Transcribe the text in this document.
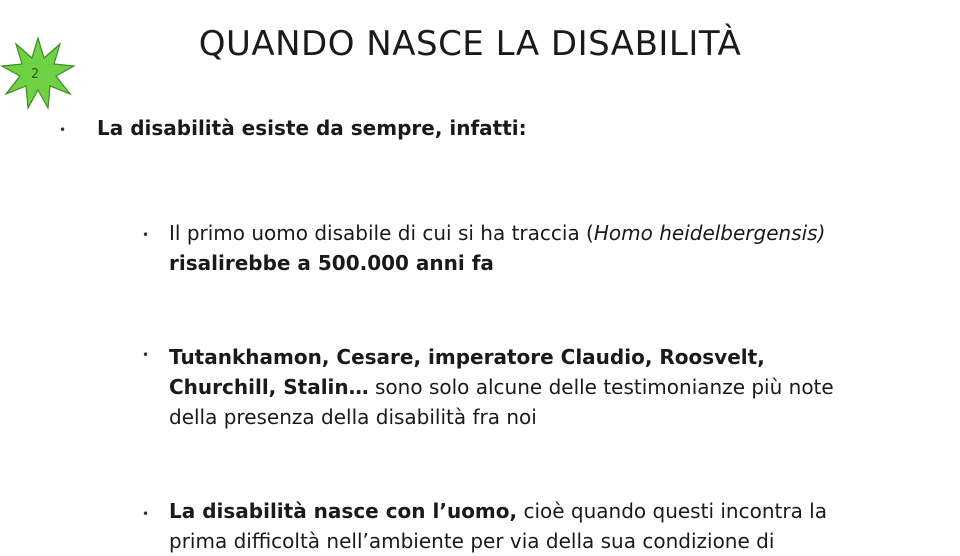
2
QUANDO NASCE LA DISABILITÀ
• La disabilità esiste da sempre, infatti:
• Il primo uomo disabile di cui si ha traccia (Homo heidelbergensis) risalirebbe a 500.000 anni fa
• Tutankhamon, Cesare, imperatore Claudio, Roosvelt, Churchill, Stalin… sono solo alcune delle testimonianze più note della presenza della disabilità fra noi
• La disabilità nasce con l’uomo, cioè quando questi incontra la prima difficoltà nell’ambiente per via della sua condizione di
